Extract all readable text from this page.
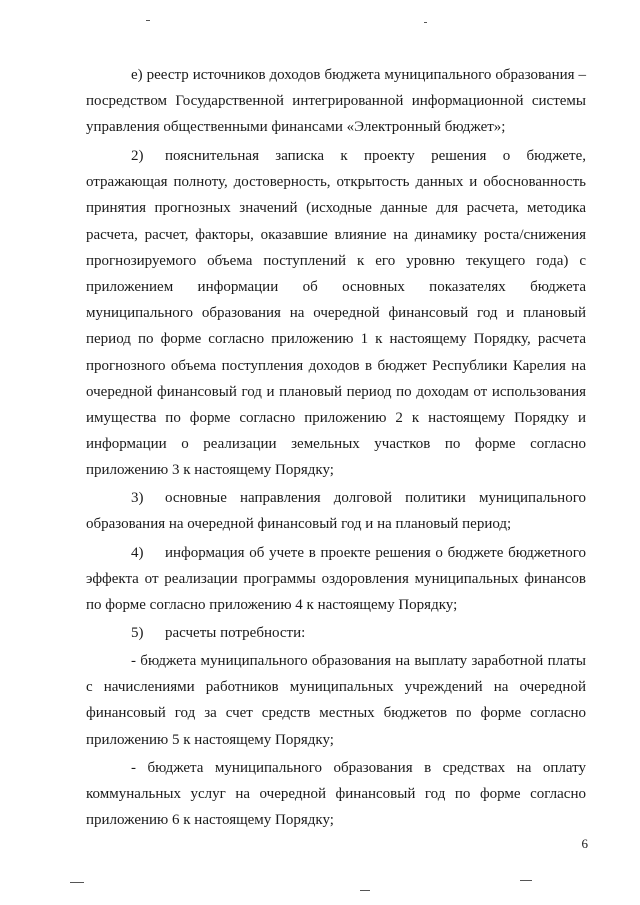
е) реестр источников доходов бюджета муниципального образования – посредством Государственной интегрированной информационной системы управления общественными финансами «Электронный бюджет»;

2) пояснительная записка к проекту решения о бюджете, отражающая полноту, достоверность, открытость данных и обоснованность принятия прогнозных значений (исходные данные для расчета, методика расчета, расчет, факторы, оказавшие влияние на динамику роста/снижения прогнозируемого объема поступлений к его уровню текущего года) с приложением информации об основных показателях бюджета муниципального образования на очередной финансовый год и плановый период по форме согласно приложению 1 к настоящему Порядку, расчета прогнозного объема поступления доходов в бюджет Республики Карелия на очередной финансовый год и плановый период по доходам от использования имущества по форме согласно приложению 2 к настоящему Порядку и информации о реализации земельных участков по форме согласно приложению 3 к настоящему Порядку;

3) основные направления долговой политики муниципального образования на очередной финансовый год и на плановый период;

4) информация об учете в проекте решения о бюджете бюджетного эффекта от реализации программы оздоровления муниципальных финансов по форме согласно приложению 4 к настоящему Порядку;

5) расчеты потребности:

- бюджета муниципального образования на выплату заработной платы с начислениями работников муниципальных учреждений на очередной финансовый год за счет средств местных бюджетов по форме согласно приложению 5 к настоящему Порядку;

- бюджета муниципального образования в средствах на оплату коммунальных услуг на очередной финансовый год по форме согласно приложению 6 к настоящему Порядку;

6
